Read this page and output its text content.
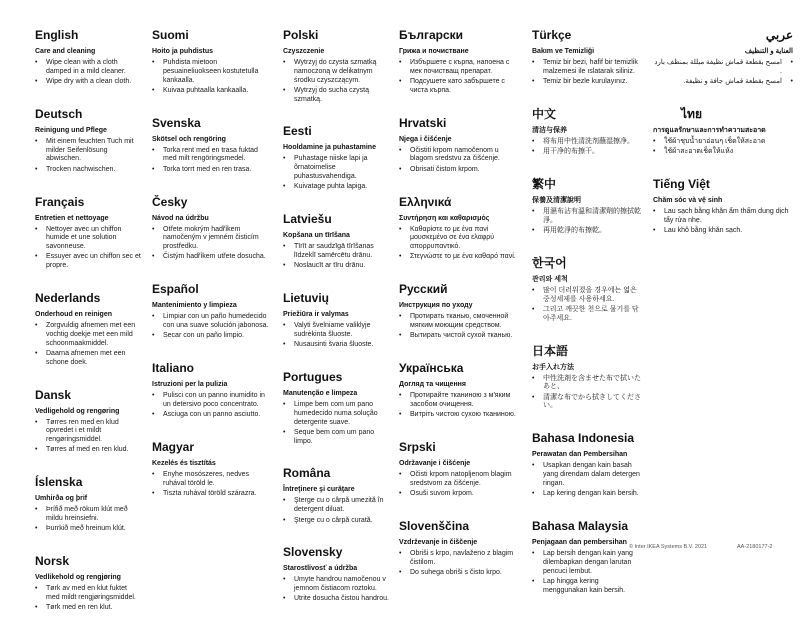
English
Care and cleaning
•	Wipe clean with a cloth damped in a mild cleaner.
•	Wipe dry with a clean cloth.
Deutsch
Reinigung und Pflege
•	Mit einem feuchten Tuch mit milder Seifenlösung abwischen.
•	Trocken nachwischen.
Français
Entretien et nettoyage
•	Nettoyer avec un chiffon humide et une solution savonneuse.
•	Essuyer avec un chiffon sec et propre.
Nederlands
Onderhoud en reinigen
•	Zorgvuldig afnemen met een vochtig doekje met een mild schoonmaakmiddel.
•	Daarna afnemen met een schone doek.
Dansk
Vedligehold og rengøring
•	Tørres ren med en klud opvredet i et mildt rengøringsmiddel.
•	Tørres af med en ren klud.
Íslenska
Umhirða og þrif
•	Þrífið með rökum klút með mildu hreinsiefni.
•	Þurrkið með hreinum klút.
Norsk
Vedlikehold og rengjøring
•	Tørk av med en klut fuktet med mildt rengjøringsmiddel.
•	Tørk med en ren klut.
Suomi
Hoito ja puhdistus
•	Puhdista mietoon pesuaineliuokseen kostutetulla kankaalla.
•	Kuivaa puhtaalla kankaalla.
Svenska
Skötsel och rengöring
•	Torka rent med en trasa fuktad med milt rengöringsmedel.
•	Torka torrt med en ren trasa.
Česky
Návod na údržbu
•	Otřete mokrým hadříkem namočeným v jemném čisticím prostředku.
•	Čistým hadříkem utřete dosucha.
Español
Mantenimiento y limpieza
•	Limpiar con un paño humedecido con una suave solución jabonosa.
•	Secar con un paño limpio.
Italiano
Istruzioni per la pulizia
•	Pulisci con un panno inumidito in un detersivo poco concentrato.
•	Asciuga con un panno asciutto.
Magyar
Kezelés és tisztítás
•	Enyhe mosószeres, nedves ruhával töröld le.
•	Tiszta ruhával töröld szárazra.
Polski
Czyszczenie
•	Wytrzyj do czysta szmatką namoczoną w delikatnym środku czyszczącym.
•	Wytrzyj do sucha czystą szmatką.
Eesti
Hooldamine ja puhastamine
•	Puhastage niiske lapi ja õrnatoimelise puhastusvahendiga.
•	Kuivatage puhta lapiga.
Latviešu
Kopšana un tīrīšana
•	Tīrīt ar saudzīgā tīrīšanas līdzeklī samērcētu drānu.
•	Noslaucīt ar tīru drānu.
Lietuvių
Priežiūra ir valymas
•	Valyti švelniame valiklyje sudrėkinta šluoste.
•	Nusausinti švaria šluoste.
Portugues
Manutenção e limpeza
•	Limpe bem com um pano humedecido numa solução detergente suave.
•	Seque bem com um pano limpo.
Româna
Întreţinere şi curăţare
•	Şterge cu o cârpă umezită în detergent diluat.
•	Şterge cu o cârpă curată.
Slovensky
Starostlivosť a údržba
•	Umyte handrou namočenou v jemnom čistiacom roztoku.
•	Utrite dosucha čistou handrou.
Български
Грижа и почистване
•	Избършете с кърпа, напоена с мек почистващ препарат.
•	Подсушете като забършете с чиста кърпа.
Hrvatski
Njega i čišćenje
•	Očistiti krpom namočenom u blagom sredstvu za čišćenje.
•	Obrisati čistom krpom.
Ελληνικά
Συντήρηση και καθαρισμός
•	Καθαρίστε το με ένα πανί μουσκεμένο σε ένα ελαφρύ απορρυπαντικό.
•	Στεγνώστε το με ένα καθαρό πανί.
Русский
Инструкция по уходу
•	Протирать тканью, смоченной мягким моющим средством.
•	Вытирать чистой сухой тканью.
Українська
Догляд та чищення
•	Протирайте тканиною з м'яким засобом очищення.
•	Витріть чистою сухою тканиною.
Srpski
Održavanje i čišćenje
•	Očisti krpom natopljenom blagim sredstvom za čišćenje.
•	Osuši suvom krpom.
Slovenščina
Vzdrževanje in čiščenje
•	Obriši s krpo, navlaženo z blagim čistilom.
•	Do suhega obriši s čisto krpo.
Türkçe
Bakım ve Temizliği
•	Temiz bir bezi, hafif bir temizlik malzemesi ile ıslatarak siliniz.
•	Temiz bir bezle kurulayınız.
中文
清洁与保养
•	将布用中性清洗剂蘸湿擦净。
•	用干净的布擦干。
繁中
保養及清潔說明
•	用濕布沾有溫和清潔劑的擦拭乾淨。
•	再用乾淨的布擦乾。
한국어
관리와 세척
•	많이 더러워졌을 경우에는 엷은 중성세제를 사용하세요.
•	그리고 깨끗한 천으로 물기를 닦아주세요.
日本語
お手入れ方法
•	中性洗剤を含ませた布で拭いたあと、
•	清潔な布でから拭きしてください。
Bahasa Indonesia
Perawatan dan Pembersihan
•	Usapkan dengan kain basah yang direndam dalam detergen ringan.
•	Lap kering dengan kain bersih.
Bahasa Malaysia
Penjagaan dan pembersihan
•	Lap bersih dengan kain yang dilembapkan dengan larutan pencuci lembut.
•	Lap hingga kering menggunakan kain bersih.
عربي
العناية و التنظيف
•
امسح بقطعة قماش نظيفة مبللة بمنظف بارد .
•
امسح بقطعة قماش جافة و نظيفة.
ไทย
การดูแลรักษาและการทำความสะอาด
•	ใช้ผ้าชุบน้ำยาอ่อนๆ เช็ดให้สะอาด
•	ใช้ผ้าสะอาดเช็ดให้แห้ง
Tiếng Việt
Chăm sóc và vệ sinh
•	Lau sạch bằng khăn ẩm thấm dung dịch tẩy rửa nhẹ.
•	Lau khô bằng khăn sạch.
© Inter IKEA Systems B.V. 2021	AA-2180177-2
